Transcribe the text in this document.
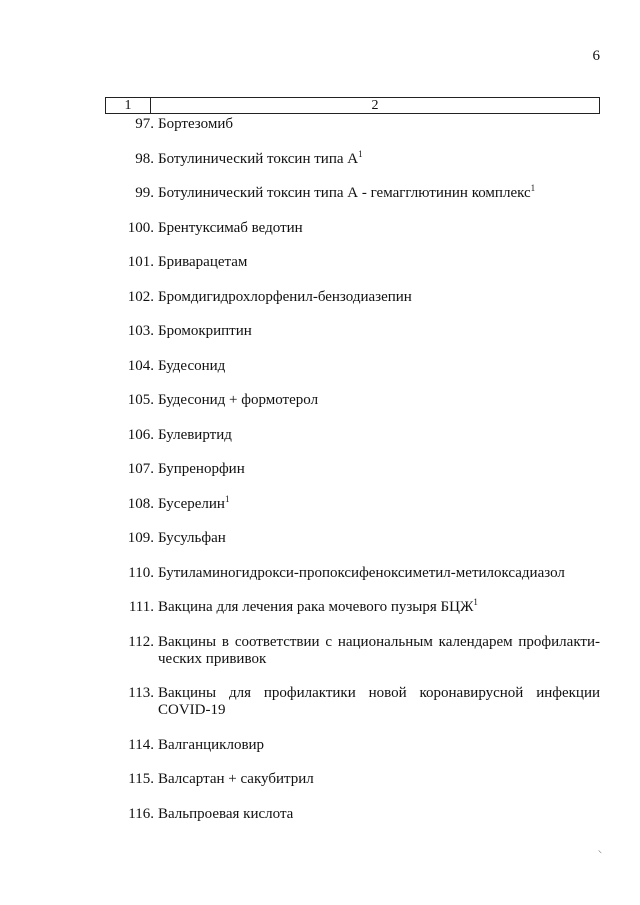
6
1	2
97. Бортезомиб
98. Ботулинический токсин типа $А^1$
99. Ботулинический токсин типа А - гемагглютинин комплекс$^1$
100. Брентуксимаб ведотин
101. Бриварацетам
102. Бромдигидрохлорфенил-бензодиазепин
103. Бромокриптин
104. Будесонид
105. Будесонид + формотерол
106. Булевиртид
107. Бупренорфин
108. Бусерелин$^1$
109. Бусульфан
110. Бутиламиногидрокси-пропоксифеноксиметил-метилоксадиазол
111. Вакцина для лечения рака мочевого пузыря БЦЖ$^1$
112. Вакцины в соответствии с национальным календарем профилакти-ческих прививок
113. Вакцины для профилактики новой коронавирусной инфекции COVID-19
114. Валганцикловир
115. Валсартан + сакубитрил
116. Вальпроевая кислота
⸌
